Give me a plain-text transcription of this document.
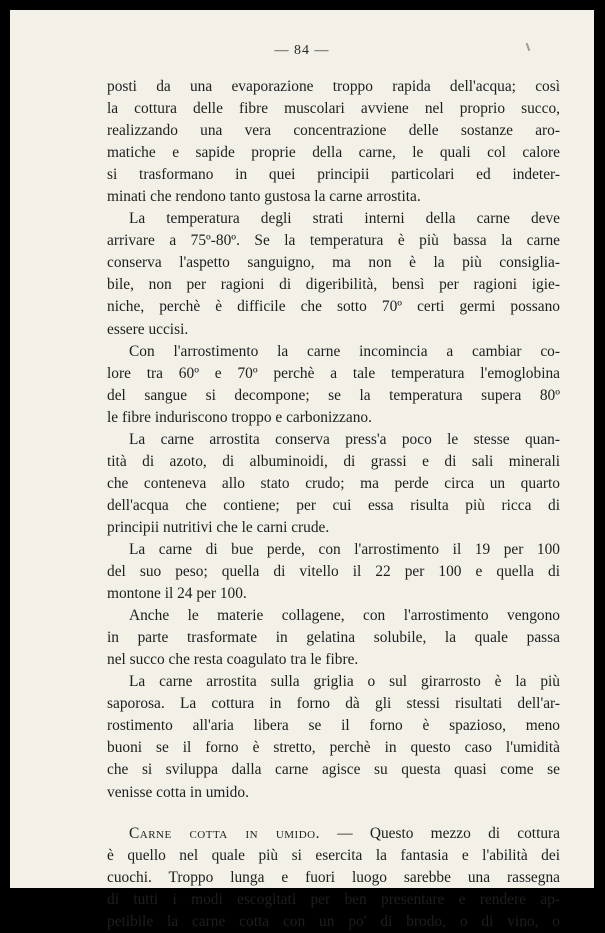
— 84 —

posti da una evaporazione troppo rapida dell'acqua; così
la cottura delle fibre muscolari avviene nel proprio succo,
realizzando una vera concentrazione delle sostanze aro-
matiche e sapide proprie della carne, le quali col calore
si trasformano in quei principii particolari ed indeter-
minati che rendono tanto gustosa la carne arrostita.

La temperatura degli strati interni della carne deve
arrivare a 75º-80º. Se la temperatura è più bassa la carne
conserva l'aspetto sanguigno, ma non è la più consiglia-
bile, non per ragioni di digeribilità, bensì per ragioni igie-
niche, perchè è difficile che sotto 70º certi germi possano
essere uccisi.

Con l'arrostimento la carne incomincia a cambiar co-
lore tra 60º e 70º perchè a tale temperatura l'emoglobina
del sangue si decompone; se la temperatura supera 80º
le fibre induriscono troppo e carbonizzano.

La carne arrostita conserva press'a poco le stesse quan-
tità di azoto, di albuminoidi, di grassi e di sali minerali
che conteneva allo stato crudo; ma perde circa un quarto
dell'acqua che contiene; per cui essa risulta più ricca di
principii nutritivi che le carni crude.

La carne di bue perde, con l'arrostimento il 19 per 100
del suo peso; quella di vitello il 22 per 100 e quella di
montone il 24 per 100.

Anche le materie collagene, con l'arrostimento vengono
in parte trasformate in gelatina solubile, la quale passa
nel succo che resta coagulato tra le fibre.

La carne arrostita sulla griglia o sul girarrosto è la più
saporosa. La cottura in forno dà gli stessi risultati dell'ar-
rostimento all'aria libera se il forno è spazioso, meno
buoni se il forno è stretto, perchè in questo caso l'umidità
che si sviluppa dalla carne agisce su questa quasi come se
venisse cotta in umido.

Carne cotta in umido. — Questo mezzo di cottura
è quello nel quale più si esercita la fantasia e l'abilità dei
cuochi. Troppo lunga e fuori luogo sarebbe una rassegna
di tutti i modi escogitati per ben presentare e rendere ap-
petibile la carne cotta con un po' di brodo, o di vino, o
